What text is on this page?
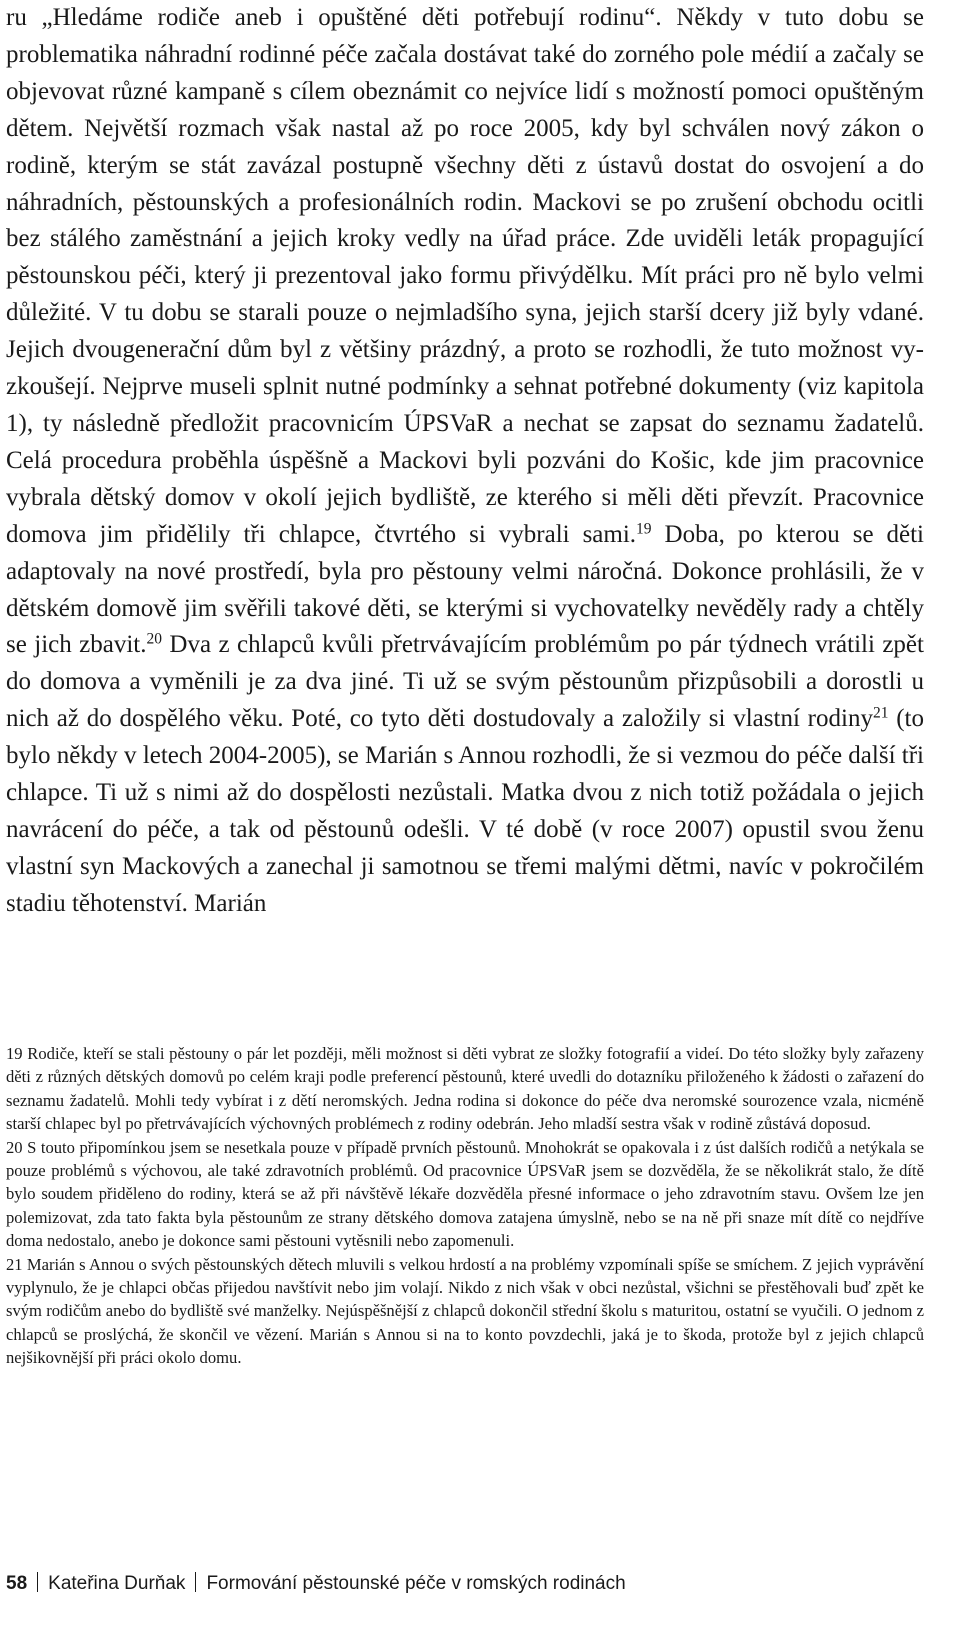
ru „Hledáme rodiče aneb i opuštěné děti potřebují rodinu“. Někdy v tuto dobu se problematika náhradní rodinné péče začala dostávat také do zorného pole médií a začaly se objevovat různé kampaně s cílem obeznámit co nejvíce lidí s možností pomoci opuštěným dětem. Největší rozmach však nastal až po roce 2005, kdy byl schválen nový zákon o rodině, kterým se stát zavázal postupně všechny děti z ústavů dostat do osvojení a do náhradních, pěstounských a profesionálních rodin. Mackovi se po zrušení obchodu ocitli bez stálého zaměstnání a jejich kroky vedly na úřad práce. Zde uviděli leták propagující pěstounskou péči, který ji prezentoval jako formu přivýdělku. Mít práci pro ně bylo velmi důležité. V tu dobu se starali pouze o nejmladšího syna, jejich starší dcery již byly vdané. Jejich dvougenerační dům byl z většiny prázdný, a proto se rozhodli, že tuto možnost vyzkoušejí. Nejprve museli splnit nutné podmínky a sehnat potřebné dokumenty (viz kapitola 1), ty následně předložit pracovnicím ÚPSVaR a nechat se zapsat do seznamu žadatelů. Celá procedura proběhla úspěšně a Mackovi byli pozváni do Košic, kde jim pracovnice vybrala dětský domov v okolí jejich bydliště, ze kterého si měli děti převzít. Pracovnice domova jim přidělily tři chlapce, čtvrtého si vybrali sami.$^{19}$ Doba, po kterou se děti adaptovaly na nové prostředí, byla pro pěstouny velmi náročná. Dokonce prohlásili, že v dětském domově jim svěřili takové děti, se kterými si vychovatelky nevěděly rady a chtěly se jich zbavit.$^{20}$ Dva z chlapců kvůli přetrvávajícím problémům po pár týdnech vrátili zpět do domova a vyměnili je za dva jiné. Ti už se svým pěstounům přizpůsobili a dorostli u nich až do dospělého věku. Poté, co tyto děti dostudovaly a založily si vlastní rodiny$^{21}$ (to bylo někdy v letech 2004-2005), se Marián s Annou rozhodli, že si vezmou do péče další tři chlapce. Ti už s nimi až do dospělosti nezůstali. Matka dvou z nich totiž požádala o jejich navrácení do péče, a tak od pěstounů odešli. V té době (v roce 2007) opustil svou ženu vlastní syn Mackových a zanechal ji samotnou se třemi malými dětmi, navíc v pokročilém stadiu těhotenství. Marián

19 Rodiče, kteří se stali pěstouny o pár let později, měli možnost si děti vybrat ze složky fotografií a videí. Do této složky byly zařazeny děti z různých dětských domovů po celém kraji podle preferencí pěstounů, které uvedli do dotazníku přiloženého k žádosti o zařazení do seznamu žadatelů. Mohli tedy vybírat i z dětí neromských. Jedna rodina si dokonce do péče dva neromské sourozence vzala, nicméně starší chlapec byl po přetrvávajících výchovných problémech z rodiny odebrán. Jeho mladší sestra však v rodině zůstává doposud.

20 S touto připomínkou jsem se nesetkala pouze v případě prvních pěstounů. Mnohokrát se opakovala i z úst dalších rodičů a netýkala se pouze problémů s výchovou, ale také zdravotních problémů. Od pracovnice ÚPSVaR jsem se dozvěděla, že se několikrát stalo, že dítě bylo soudem přiděleno do rodiny, která se až při návštěvě lékaře dozvěděla přesné informace o jeho zdravotním stavu. Ovšem lze jen polemizovat, zda tato fakta byla pěstounům ze strany dětského domova zatajena úmyslně, nebo se na ně při snaze mít dítě co nejdříve doma nedostalo, anebo je dokonce sami pěstouni vytěsnili nebo zapomenuli.

21 Marián s Annou o svých pěstounských dětech mluvili s velkou hrdostí a na problémy vzpomínali spíše se smíchem. Z jejich vyprávění vyplynulo, že je chlapci občas přijedou navštívit nebo jim volají. Nikdo z nich však v obci nezůstal, všichni se přestěhovali buď zpět ke svým rodičům anebo do bydliště své manželky. Nejúspěšnější z chlapců dokončil střední školu s maturitou, ostatní se vyučili. O jednom z chlapců se proslýchá, že skončil ve vězení. Marián s Annou si na to konto povzdechli, jaká je to škoda, protože byl z jejich chlapců nejšikovnější při práci okolo domu.

58 Kateřina Durňak Formování pěstounské péče v romských rodinách
